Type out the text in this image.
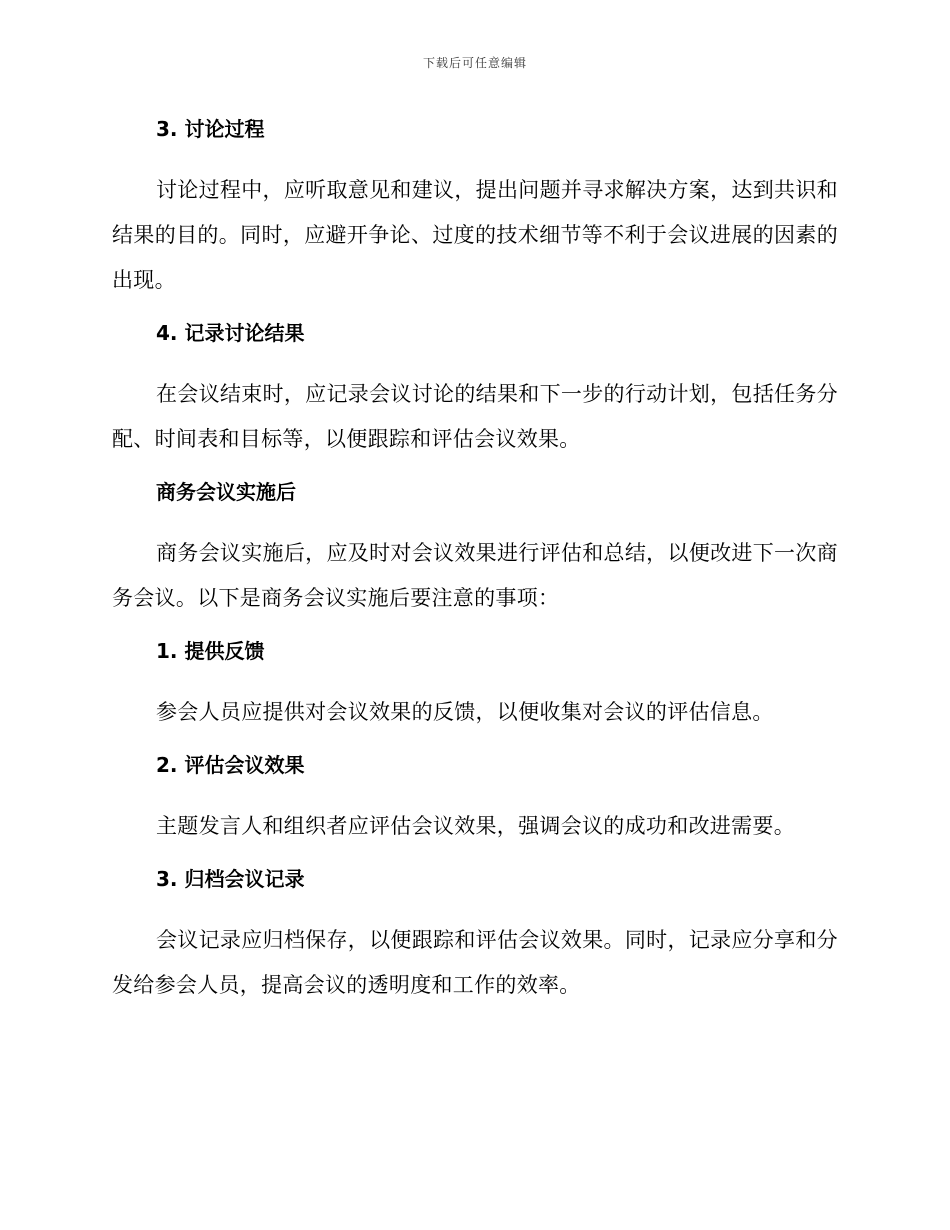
下载后可任意编辑
3. 讨论过程

讨论过程中，应听取意见和建议，提出问题并寻求解决方案，达到共识和结果的目的。同时，应避开争论、过度的技术细节等不利于会议进展的因素的出现。

4. 记录讨论结果

在会议结束时，应记录会议讨论的结果和下一步的行动计划，包括任务分配、时间表和目标等，以便跟踪和评估会议效果。

商务会议实施后

商务会议实施后，应及时对会议效果进行评估和总结，以便改进下一次商务会议。以下是商务会议实施后要注意的事项：

1. 提供反馈

参会人员应提供对会议效果的反馈，以便收集对会议的评估信息。

2. 评估会议效果

主题发言人和组织者应评估会议效果，强调会议的成功和改进需要。

3. 归档会议记录

会议记录应归档保存，以便跟踪和评估会议效果。同时，记录应分享和分发给参会人员，提高会议的透明度和工作的效率。
